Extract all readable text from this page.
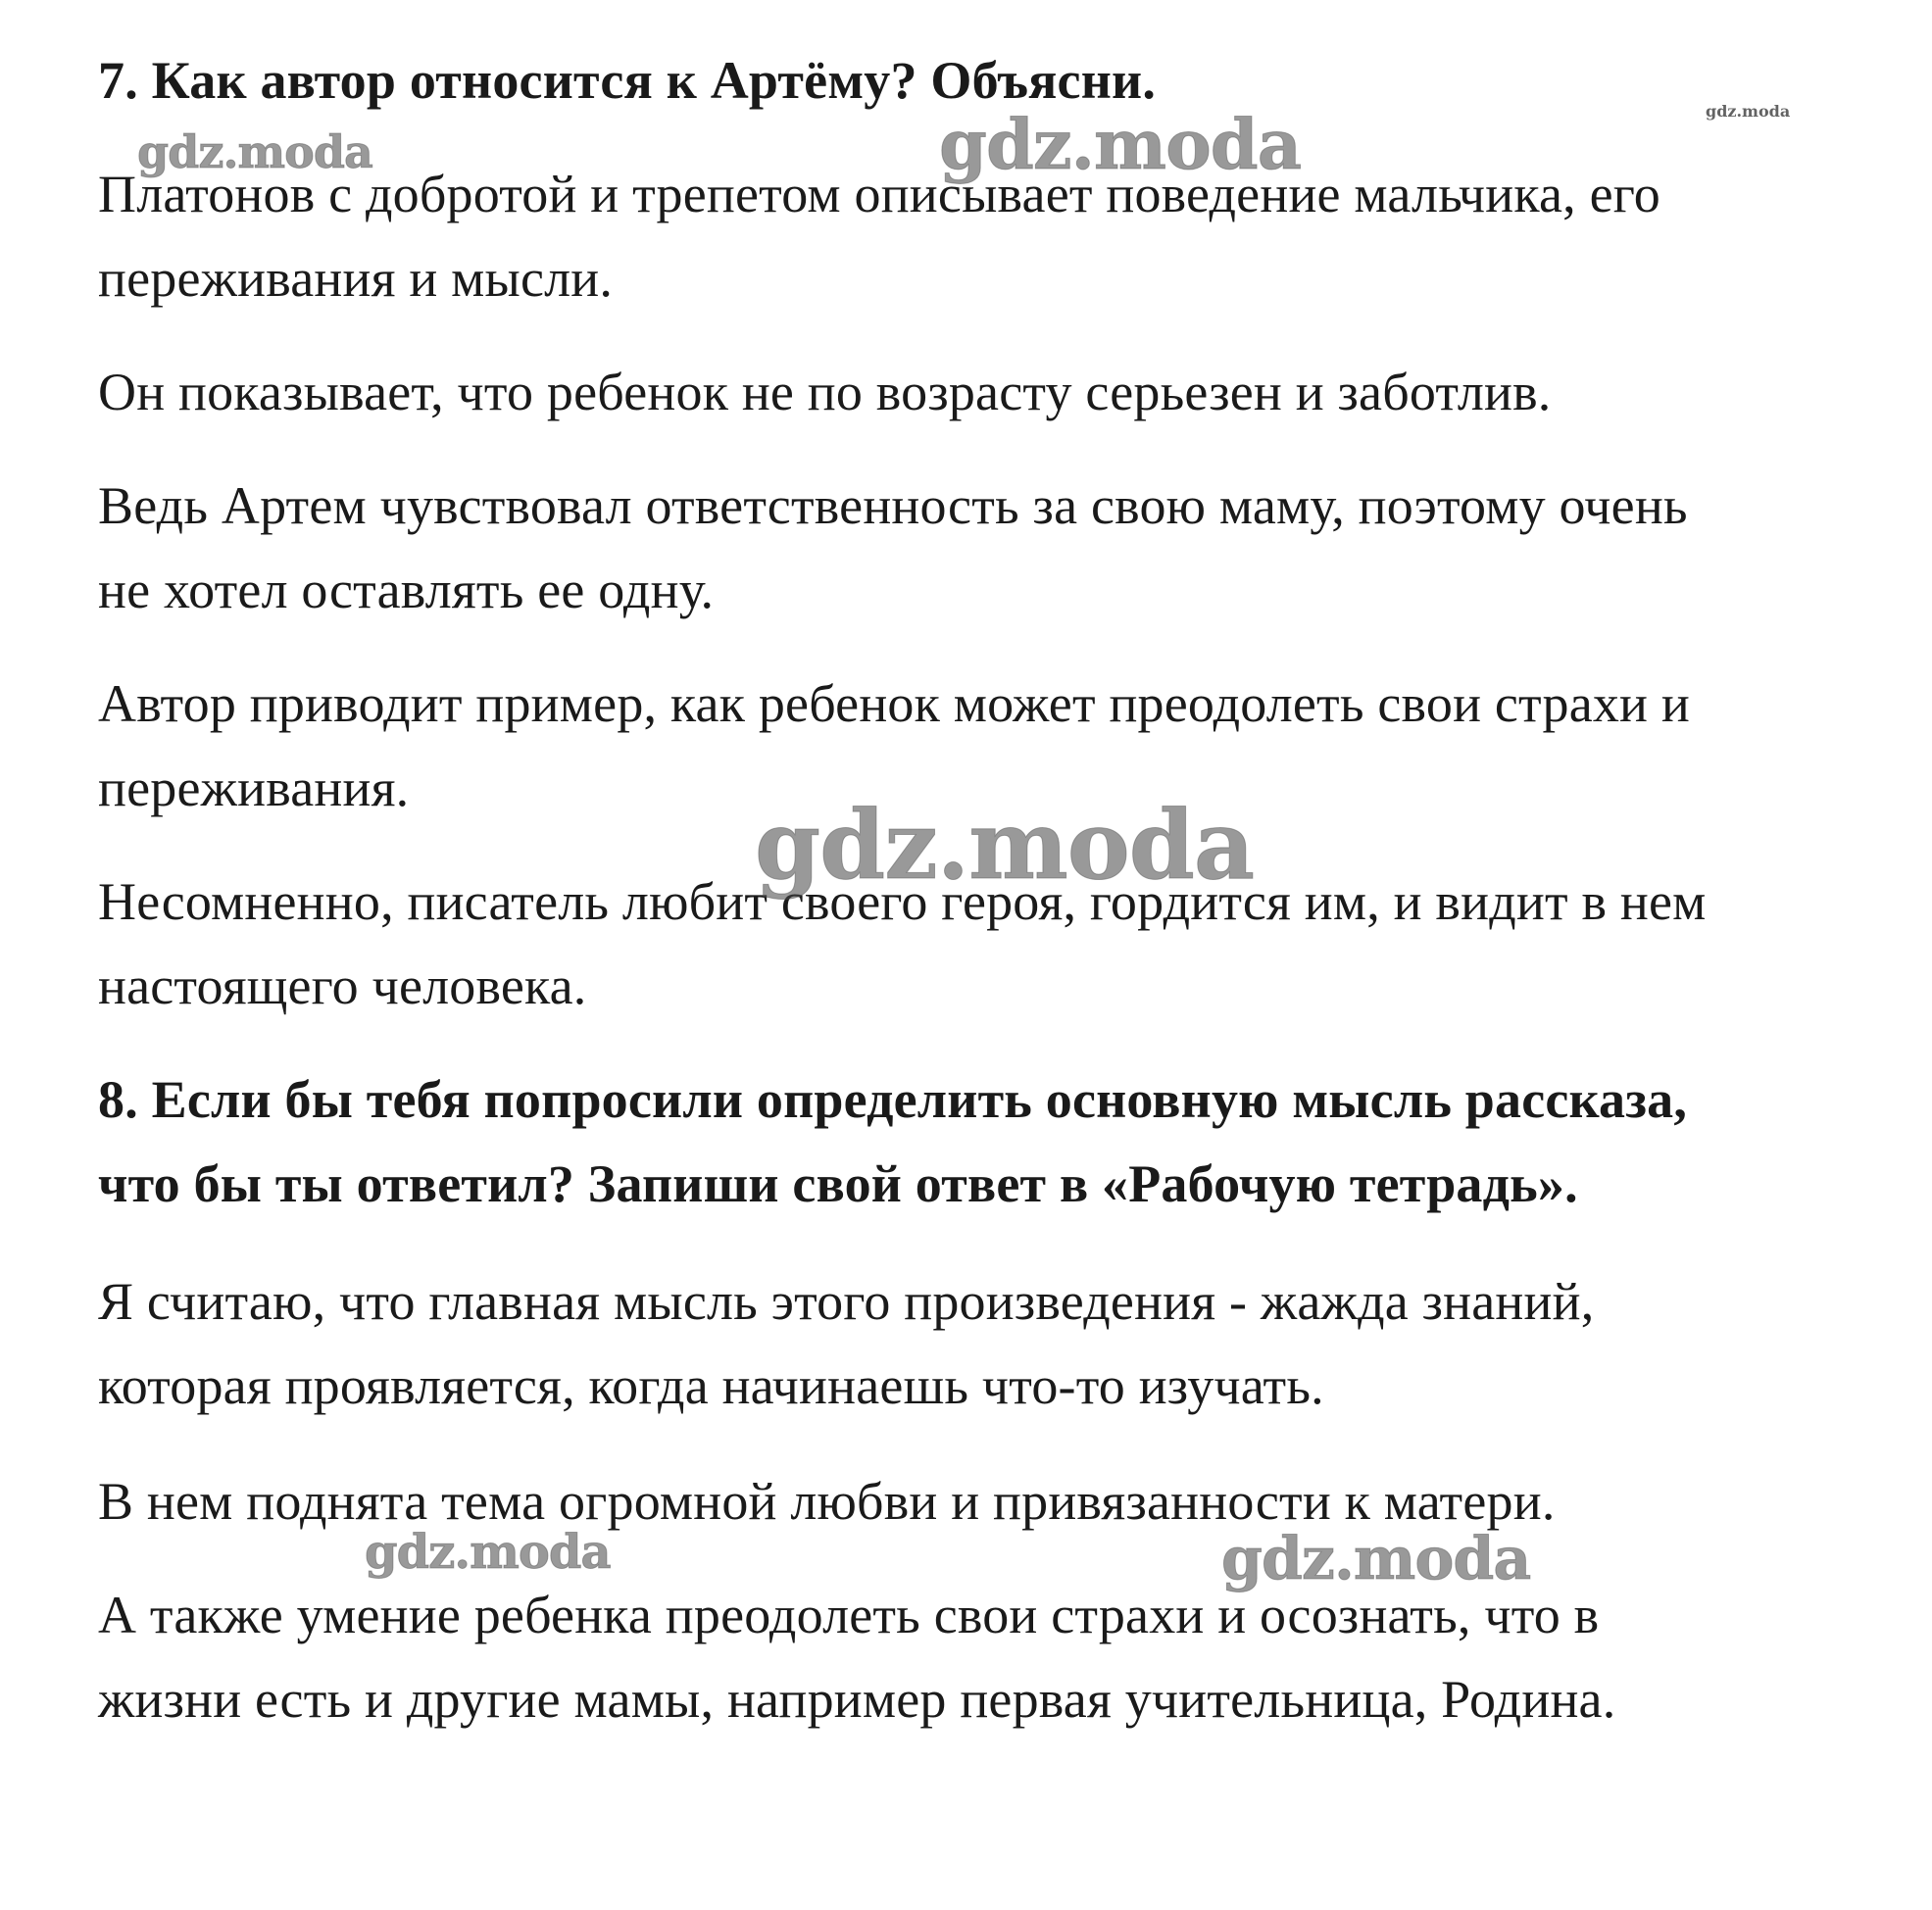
7. Как автор относится к Артёму? Объясни.
Платонов с добротой и трепетом описывает поведение мальчика, его
переживания и мысли.
Он показывает, что ребенок не по возрасту серьезен и заботлив.
Ведь Артем чувствовал ответственность за свою маму, поэтому очень
не хотел оставлять ее одну.
Автор приводит пример, как ребенок может преодолеть свои страхи и
переживания.
Несомненно, писатель любит своего героя, гордится им, и видит в нем
настоящего человека.
8. Если бы тебя попросили определить основную мысль рассказа,
что бы ты ответил? Запиши свой ответ в «Рабочую тетрадь».
Я считаю, что главная мысль этого произведения - жажда знаний,
которая проявляется, когда начинаешь что-то изучать.
В нем поднята тема огромной любви и привязанности к матери.
А также умение ребенка преодолеть свои страхи и осознать, что в
жизни есть и другие мамы, например первая учительница, Родина.
gdz.moda
gdz.moda	gdz.moda
gdz.moda
gdz.moda	gdz.moda
